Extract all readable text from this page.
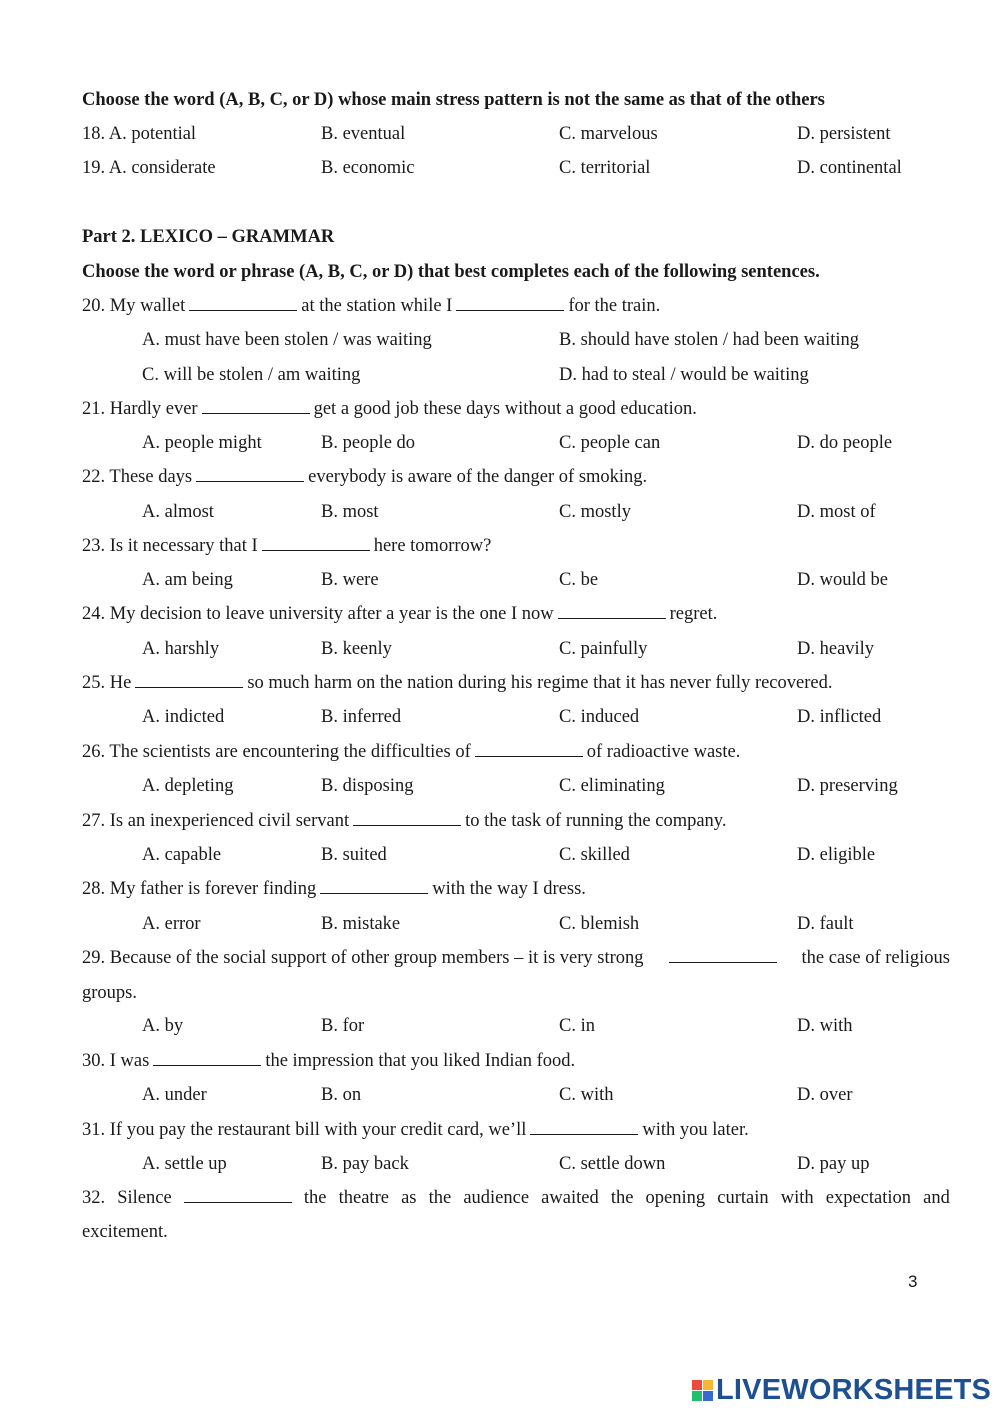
Choose the word (A, B, C, or D) whose main stress pattern is not the same as that of the others
18. A. potential	B. eventual	C. marvelous	D. persistent
19. A. considerate	B. economic	C. territorial	D. continental
Part 2. LEXICO – GRAMMAR
Choose the word or phrase (A, B, C, or D) that best completes each of the following sentences.
20. My wallet	at the station while I	for the train.
A. must have been stolen / was waiting	B. should have stolen / had been waiting
C. will be stolen / am waiting	D. had to steal / would be waiting
21. Hardly ever	get a good job these days without a good education.
A. people might	B. people do	C. people can	D. do people
22. These days	everybody is aware of the danger of smoking.
A. almost	B. most	C. mostly	D. most of
23. Is it necessary that I	here tomorrow?
A. am being	B. were	C. be	D. would be
24. My decision to leave university after a year is the one I now	regret.
A. harshly	B. keenly	C. painfully	D. heavily
25. He	so much harm on the nation during his regime that it has never fully recovered.
A. indicted	B. inferred	C. induced	D. inflicted
26. The scientists are encountering the difficulties of	of radioactive waste.
A. depleting	B. disposing	C. eliminating	D. preserving
27. Is an inexperienced civil servant	to the task of running the company.
A. capable	B. suited	C. skilled	D. eligible
28. My father is forever finding	with the way I dress.
A. error	B. mistake	C. blemish	D. fault
29. Because of the social support of other group members – it is very strong	the case of religious
groups.
A. by	B. for	C. in	D. with
30. I was	the impression that you liked Indian food.
A. under	B. on	C. with	D. over
31. If you pay the restaurant bill with your credit card, we’ll	with you later.
A. settle up	B. pay back	C. settle down	D. pay up
32. Silence	the theatre as the audience awaited the opening curtain with expectation and
excitement.
3
LIVEWORKSHEETS
